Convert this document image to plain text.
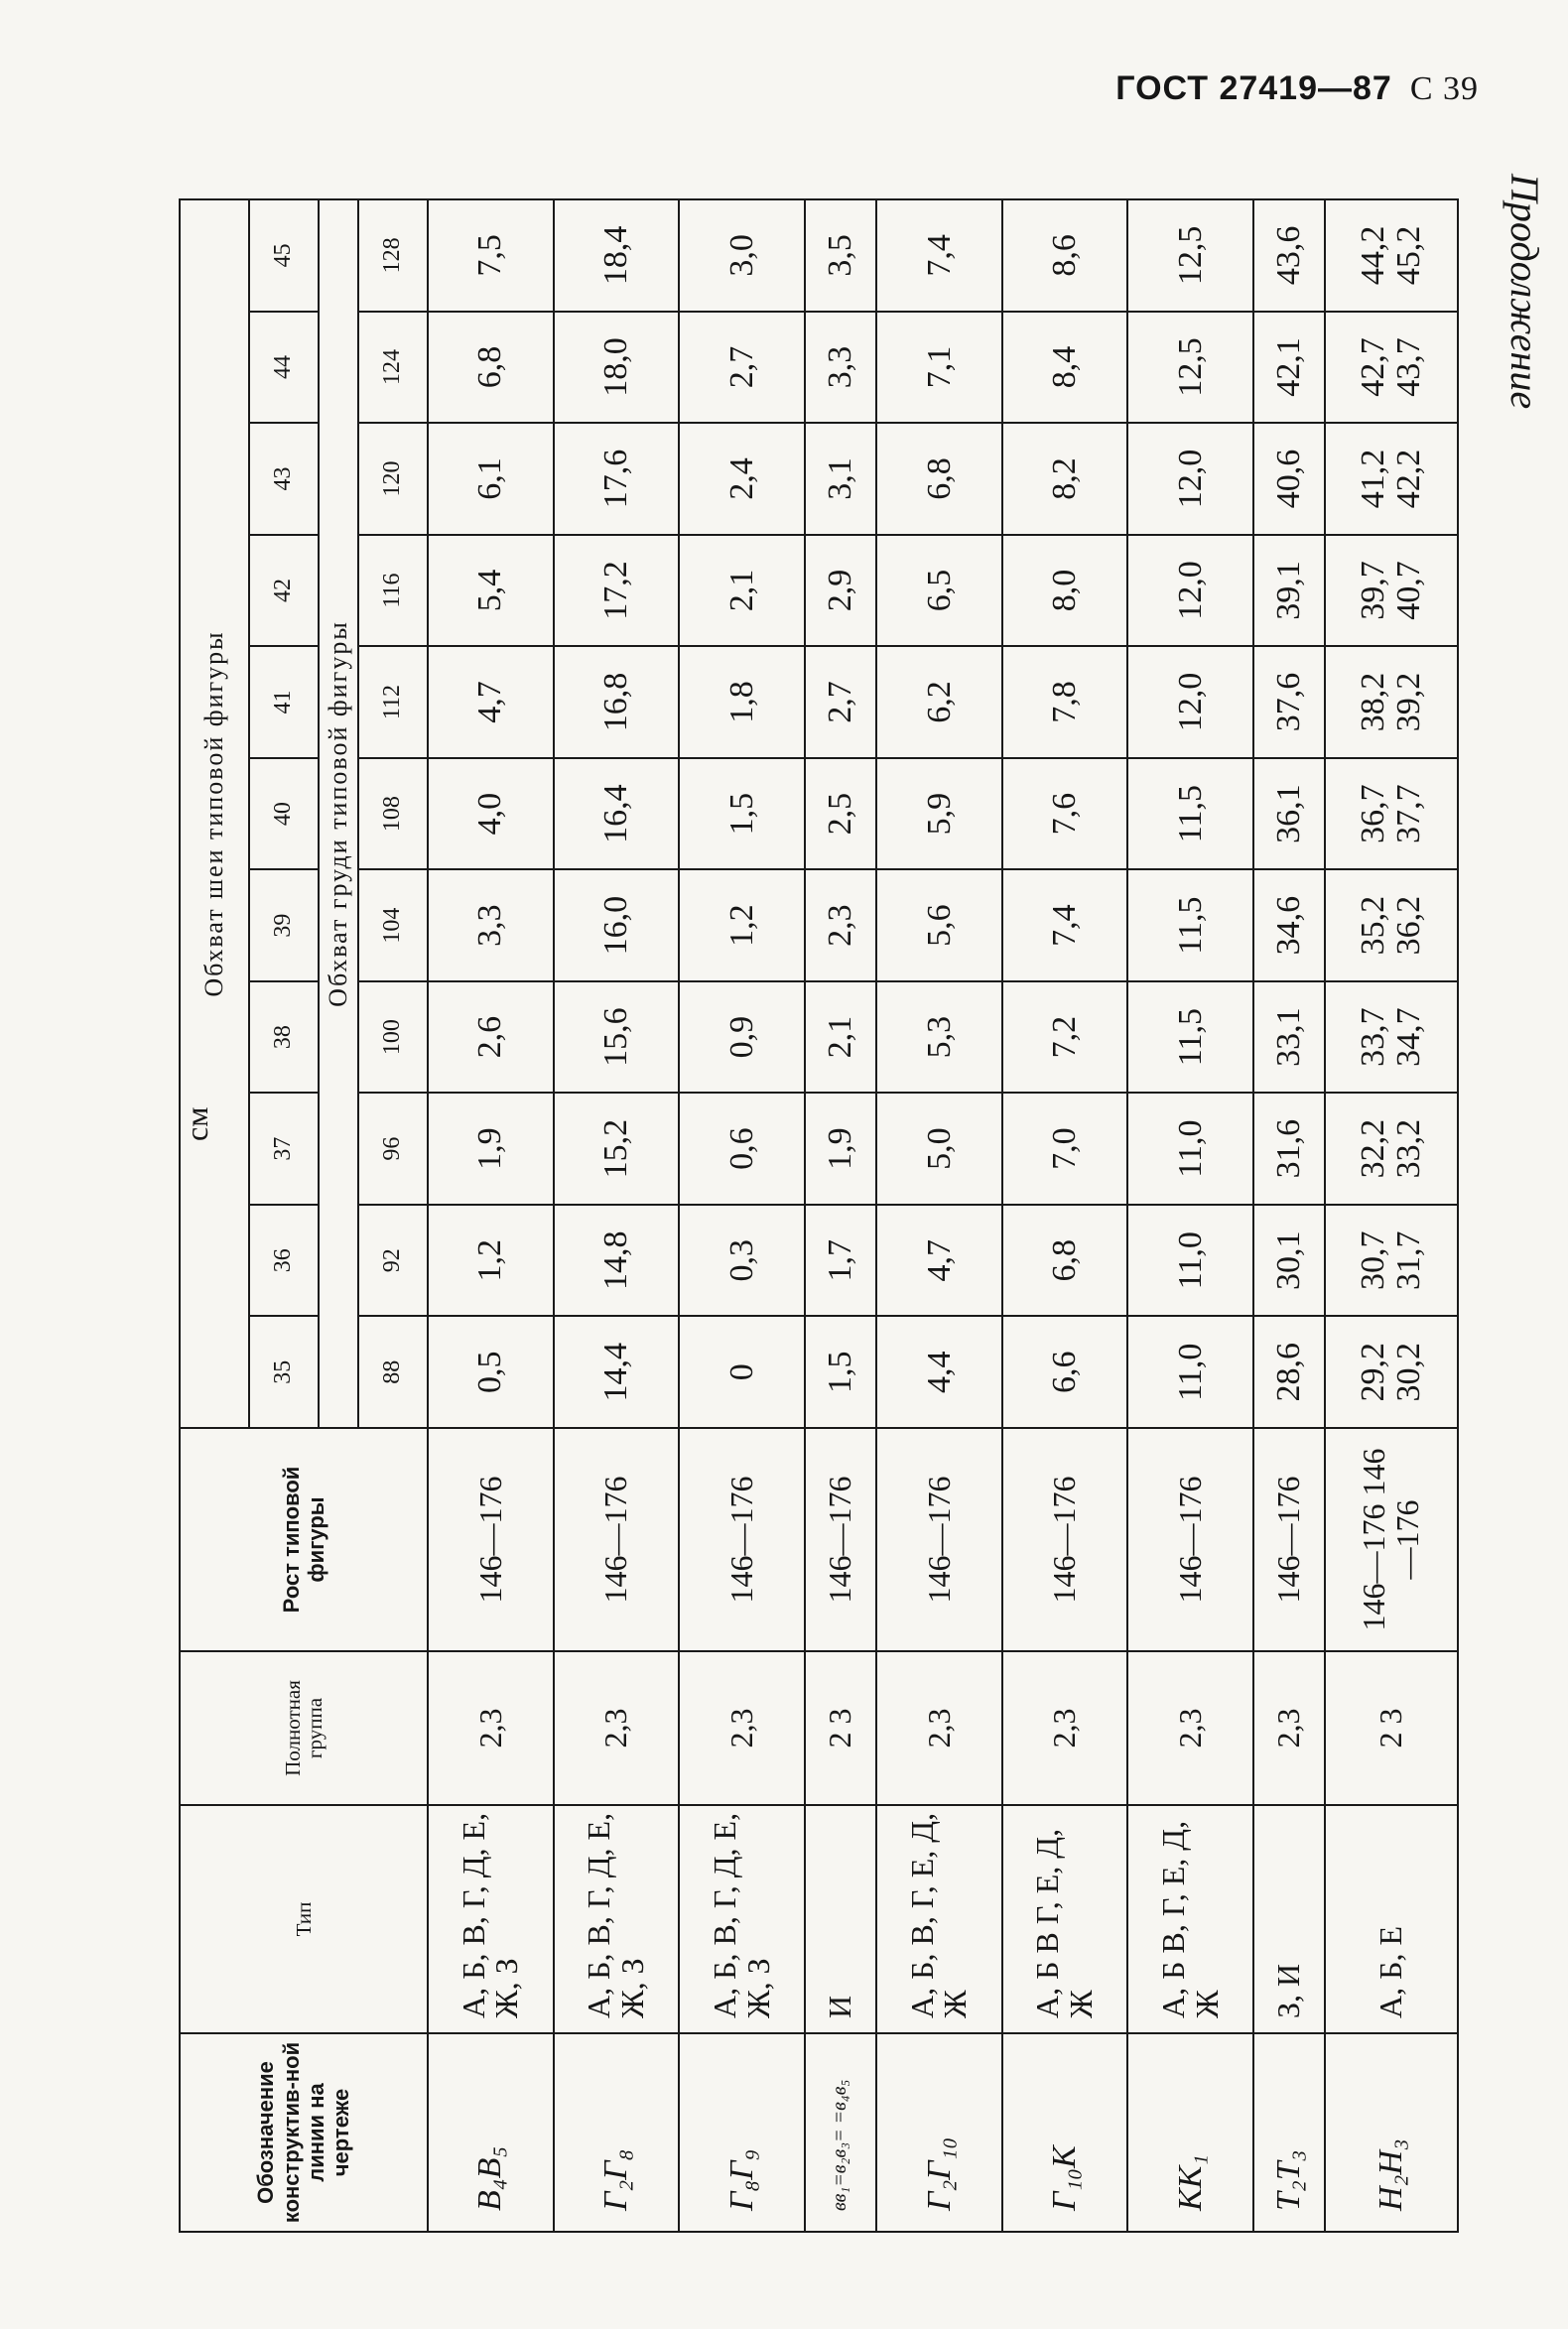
ГОСТ 27419—87 С 39
Продолжение
см
Обозначение конструктив-ной линии на чертеже	Тип	Полнотная группа	Рост типовой фигуры	Обхват шеи типовой фигуры										
				35	36	37	38	39	40	41	42	43	44	45
				Обхват груди типовой фигуры										
				88	92	96	100	104	108	112	116	120	124	128
В₄В₅	А, Б, В, Г, Д, Е, Ж, З	2,3	146—176	0,5	1,2	1,9	2,6	3,3	4,0	4,7	5,4	6,1	6,8	7,5
Г₂Г₈	А, Б, В, Г, Д, Е, Ж, З	2,3	146—176	14,4	14,8	15,2	15,6	16,0	16,4	16,8	17,2	17,6	18,0	18,4
Г₈Г₉	А, Б, В, Г, Д, Е, Ж, З	2,3	146—176	0	0,3	0,6	0,9	1,2	1,5	1,8	2,1	2,4	2,7	3,0
вв₁=в₂в₃= =в₄в₅	И	2 3	146—176	1,5	1,7	1,9	2,1	2,3	2,5	2,7	2,9	3,1	3,3	3,5
Г₂Г₁₀	А, Б, В, Г, Е, Д, Ж	2,3	146—176	4,4	4,7	5,0	5,3	5,6	5,9	6,2	6,5	6,8	7,1	7,4
Г₁₀К	А, Б В Г, Е, Д, Ж	2,3	146—176	6,6	6,8	7,0	7,2	7,4	7,6	7,8	8,0	8,2	8,4	8,6
КК₁	А, Б В, Г, Е, Д, Ж	2,3	146—176	11,0	11,0	11,0	11,5	11,5	11,5	12,0	12,0	12,0	12,5	12,5
Т₂Т₃	З, И	2,3	146—176	28,6	30,1	31,6	33,1	34,6	36,1	37,6	39,1	40,6	42,1	43,6
Н₂Н₃	А, Б, Е	2 3	146—176 146—176	29,2 30,2	30,7 31,7	32,2 33,2	33,7 34,7	35,2 36,2	36,7 37,7	38,2 39,2	39,7 40,7	41,2 42,2	42,7 43,7	44,2 45,2
